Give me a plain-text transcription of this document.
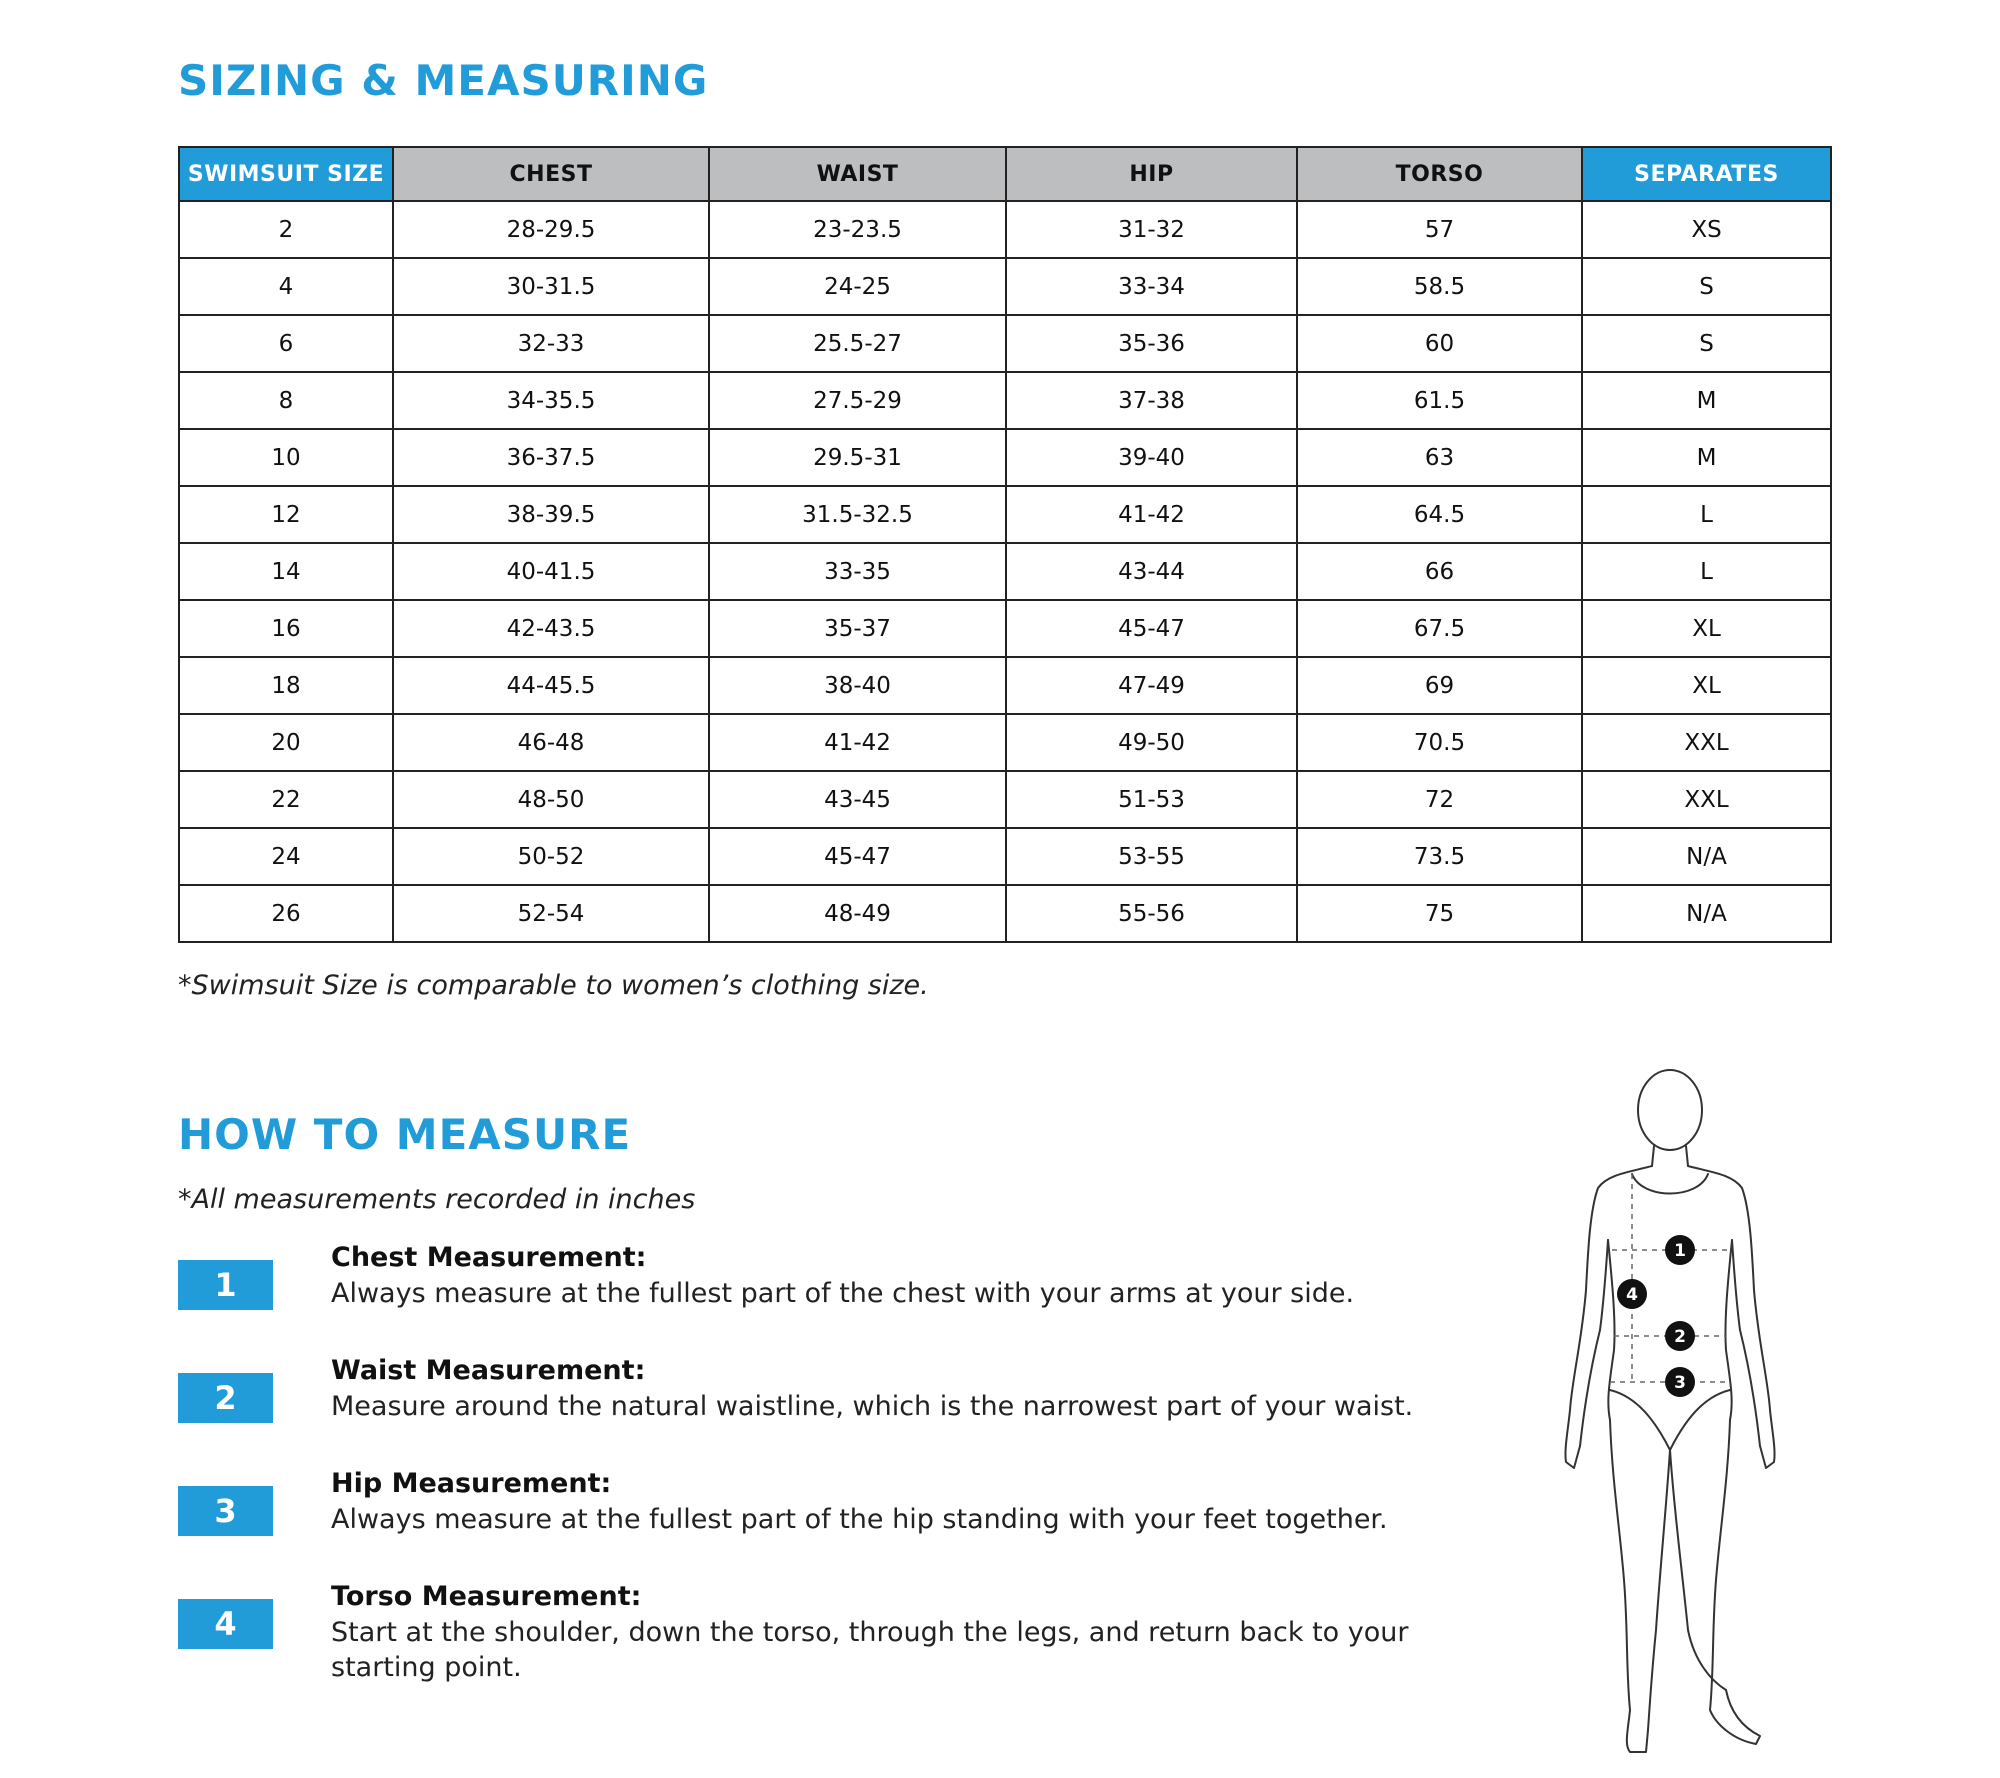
SIZING & MEASURING
SWIMSUIT SIZE	CHEST	WAIST	HIP	TORSO	SEPARATES
2	28-29.5	23-23.5	31-32	57	XS
4	30-31.5	24-25	33-34	58.5	S
6	32-33	25.5-27	35-36	60	S
8	34-35.5	27.5-29	37-38	61.5	M
10	36-37.5	29.5-31	39-40	63	M
12	38-39.5	31.5-32.5	41-42	64.5	L
14	40-41.5	33-35	43-44	66	L
16	42-43.5	35-37	45-47	67.5	XL
18	44-45.5	38-40	47-49	69	XL
20	46-48	41-42	49-50	70.5	XXL
22	48-50	43-45	51-53	72	XXL
24	50-52	45-47	53-55	73.5	N/A
26	52-54	48-49	55-56	75	N/A

*Swimsuit Size is comparable to women’s clothing size.

HOW TO MEASURE

*All measurements recorded in inches

1
Chest Measurement:
Always measure at the fullest part of the chest with your arms at your side.
2
Waist Measurement:
Measure around the natural waistline, which is the narrowest part of your waist.
3
Hip Measurement:
Always measure at the fullest part of the hip standing with your feet together.
4
Torso Measurement:
Start at the shoulder, down the torso, through the legs, and return back to your starting point.
1
4
2
3
